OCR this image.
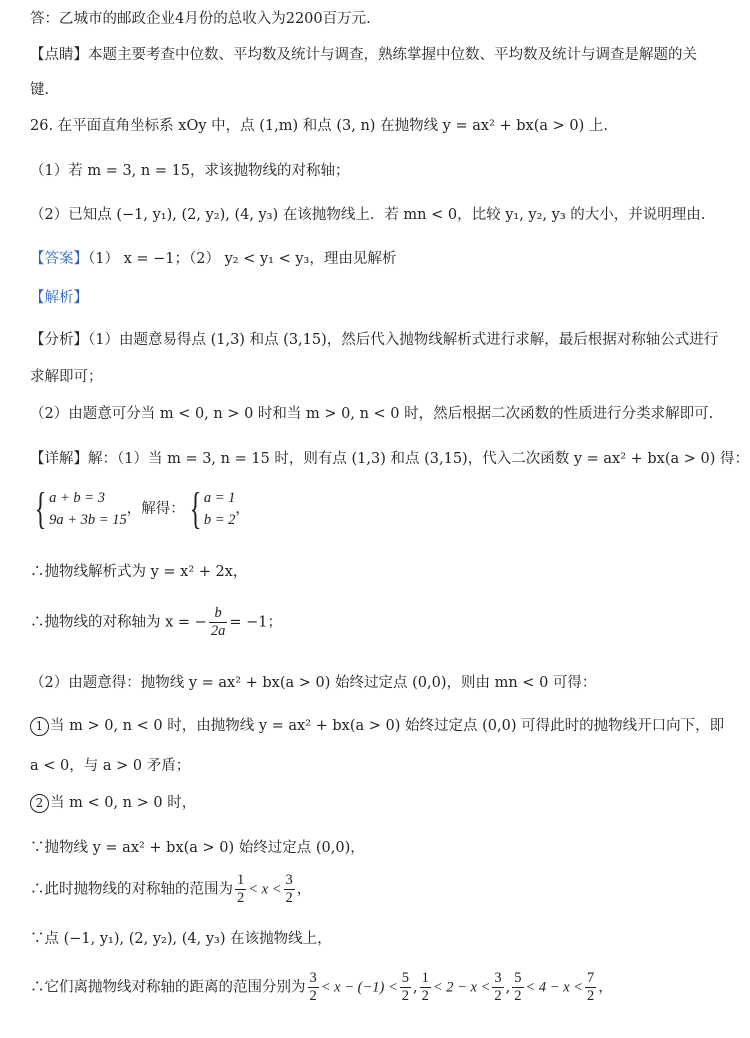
答：乙城市的邮政企业4月份的总收入为2200百万元.
【点睛】本题主要考查中位数、平均数及统计与调查，熟练掌握中位数、平均数及统计与调查是解题的关
键.
26. 在平面直角坐标系 xOy 中，点 (1,m) 和点 (3, n) 在抛物线 y = ax² + bx(a > 0) 上.
（1）若 m = 3, n = 15，求该抛物线的对称轴；
（2）已知点 (−1, y₁), (2, y₂), (4, y₃) 在该抛物线上．若 mn < 0，比较 y₁, y₂, y₃ 的大小，并说明理由.
【答案】（1） x = −1；（2） y₂ < y₁ < y₃，理由见解析
【解析】
【分析】（1）由题意易得点 (1,3) 和点 (3,15)，然后代入抛物线解析式进行求解，最后根据对称轴公式进行
求解即可；
（2）由题意可分当 m < 0, n > 0 时和当 m > 0, n < 0 时，然后根据二次函数的性质进行分类求解即可.
【详解】解：（1）当 m = 3, n = 15 时，则有点 (1,3) 和点 (3,15)，代入二次函数 y = ax² + bx(a > 0) 得：
{ a + b = 3
9a + 3b = 15
，解得： { a = 1
b = 2
，
∴抛物线解析式为 y = x² + 2x，
∴抛物线的对称轴为 x = − $\frac{b}{2a} = -1$；
（2）由题意得：抛物线 y = ax² + bx(a > 0) 始终过定点 (0,0)，则由 mn < 0 可得：
1 当 m > 0, n < 0 时，由抛物线 y = ax² + bx(a > 0) 始终过定点 (0,0) 可得此时的抛物线开口向下，即
a < 0，与 a > 0 矛盾；
2 当 m < 0, n > 0 时，
∵抛物线 y = ax² + bx(a > 0) 始终过定点 (0,0)，
∴此时抛物线的对称轴的范围为 $\frac{1}{2} < x < \frac{3}{2}$ ，
∵点 (−1, y₁), (2, y₂), (4, y₃) 在该抛物线上，
∴它们离抛物线对称轴的距离的范围分别为 $\frac{3}{2} < x - (-1) < \frac{5}{2}$ , $\frac{1}{2} < 2 - x < \frac{3}{2}$ , $\frac{5}{2} < 4 - x < \frac{7}{2}$ ，
